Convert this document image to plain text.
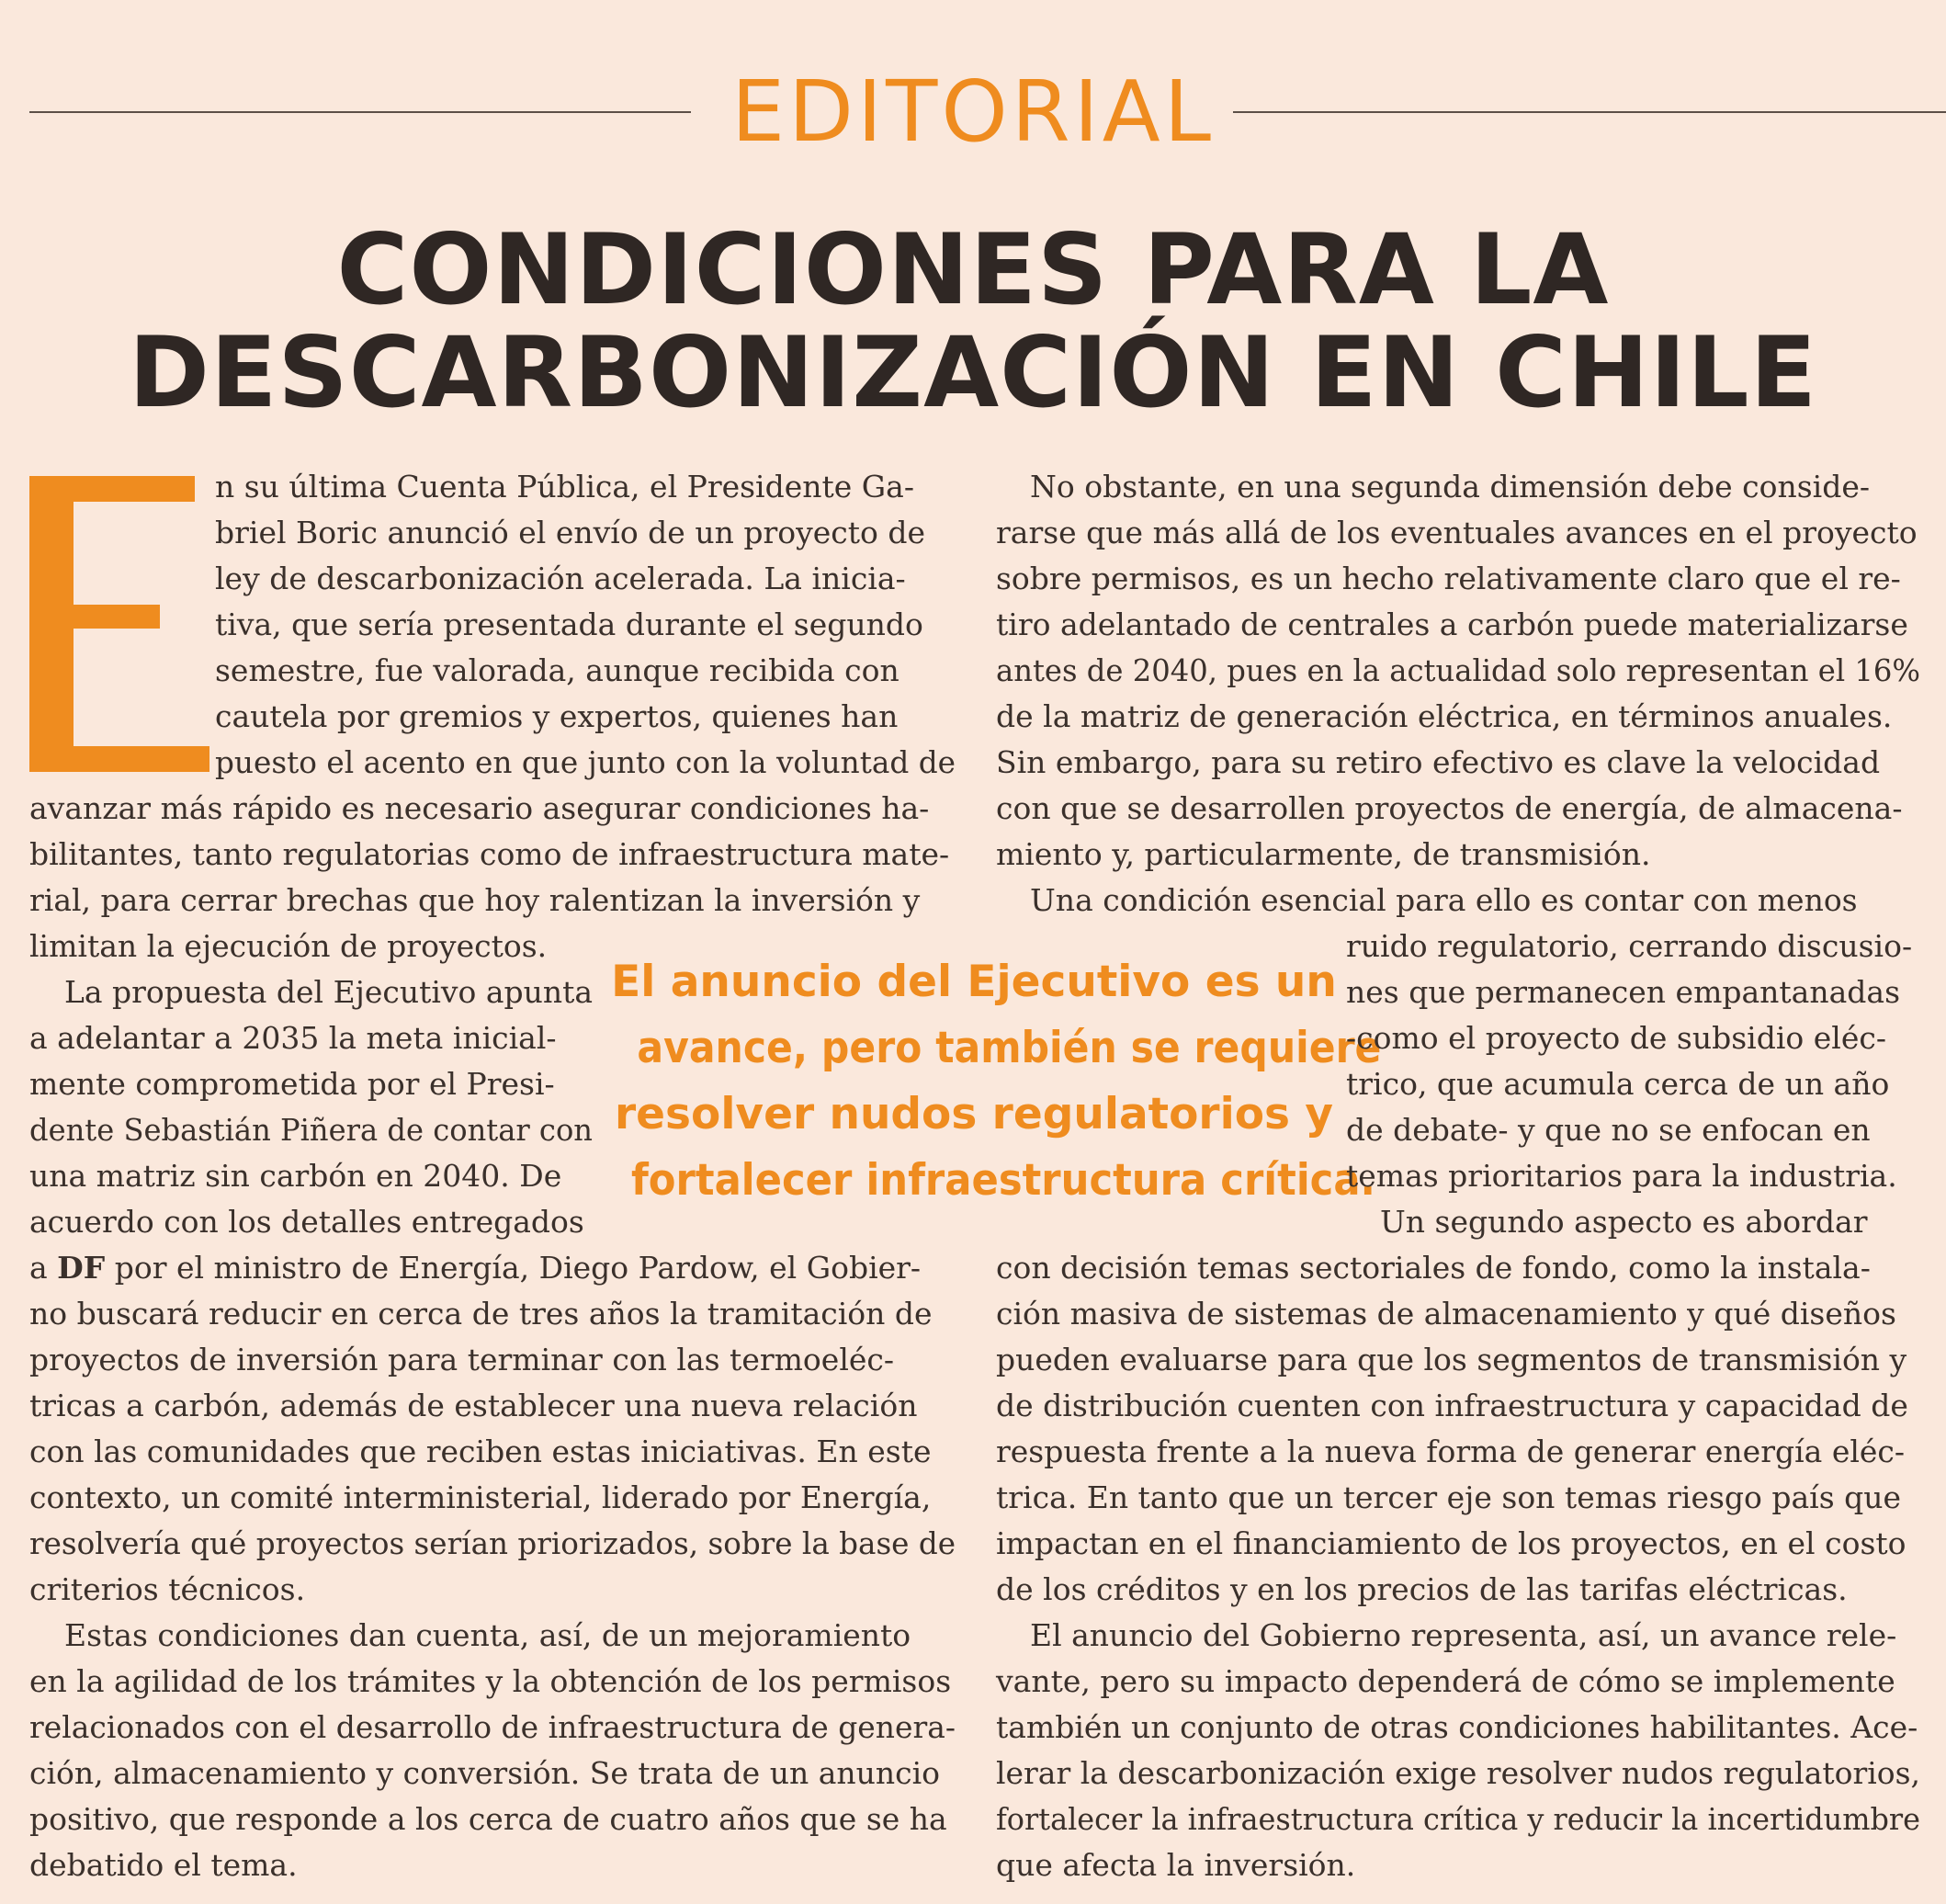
EDITORIAL
CONDICIONES PARA LA
DESCARBONIZACIÓN EN CHILE
n su última Cuenta Pública, el Presidente Ga-
briel Boric anunció el envío de un proyecto de
ley de descarbonización acelerada. La inicia-
tiva, que sería presentada durante el segundo
semestre, fue valorada, aunque recibida con
cautela por gremios y expertos, quienes han
puesto el acento en que junto con la voluntad de
avanzar más rápido es necesario asegurar condiciones ha-
bilitantes, tanto regulatorias como de infraestructura mate-
rial, para cerrar brechas que hoy ralentizan la inversión y
limitan la ejecución de proyectos.
La propuesta del Ejecutivo apunta
a adelantar a 2035 la meta inicial-
mente comprometida por el Presi-
dente Sebastián Piñera de contar con
una matriz sin carbón en 2040. De
acuerdo con los detalles entregados
a DF por el ministro de Energía, Diego Pardow, el Gobier-
no buscará reducir en cerca de tres años la tramitación de
proyectos de inversión para terminar con las termoeléc-
tricas a carbón, además de establecer una nueva relación
con las comunidades que reciben estas iniciativas. En este
contexto, un comité interministerial, liderado por Energía,
resolvería qué proyectos serían priorizados, sobre la base de
criterios técnicos.
Estas condiciones dan cuenta, así, de un mejoramiento
en la agilidad de los trámites y la obtención de los permisos
relacionados con el desarrollo de infraestructura de genera-
ción, almacenamiento y conversión. Se trata de un anuncio
positivo, que responde a los cerca de cuatro años que se ha
debatido el tema.
El anuncio del Ejecutivo es un
avance, pero también se requiere
resolver nudos regulatorios y
fortalecer infraestructura crítica.
No obstante, en una segunda dimensión debe conside-
rarse que más allá de los eventuales avances en el proyecto
sobre permisos, es un hecho relativamente claro que el re-
tiro adelantado de centrales a carbón puede materializarse
antes de 2040, pues en la actualidad solo representan el 16%
de la matriz de generación eléctrica, en términos anuales.
Sin embargo, para su retiro efectivo es clave la velocidad
con que se desarrollen proyectos de energía, de almacena-
miento y, particularmente, de transmisión.
Una condición esencial para ello es contar con menos
ruido regulatorio, cerrando discusio-
nes que permanecen empantanadas
-como el proyecto de subsidio eléc-
trico, que acumula cerca de un año
de debate- y que no se enfocan en
temas prioritarios para la industria.
Un segundo aspecto es abordar
con decisión temas sectoriales de fondo, como la instala-
ción masiva de sistemas de almacenamiento y qué diseños
pueden evaluarse para que los segmentos de transmisión y
de distribución cuenten con infraestructura y capacidad de
respuesta frente a la nueva forma de generar energía eléc-
trica. En tanto que un tercer eje son temas riesgo país que
impactan en el financiamiento de los proyectos, en el costo
de los créditos y en los precios de las tarifas eléctricas.
El anuncio del Gobierno representa, así, un avance rele-
vante, pero su impacto dependerá de cómo se implemente
también un conjunto de otras condiciones habilitantes. Ace-
lerar la descarbonización exige resolver nudos regulatorios,
fortalecer la infraestructura crítica y reducir la incertidumbre
que afecta la inversión.
